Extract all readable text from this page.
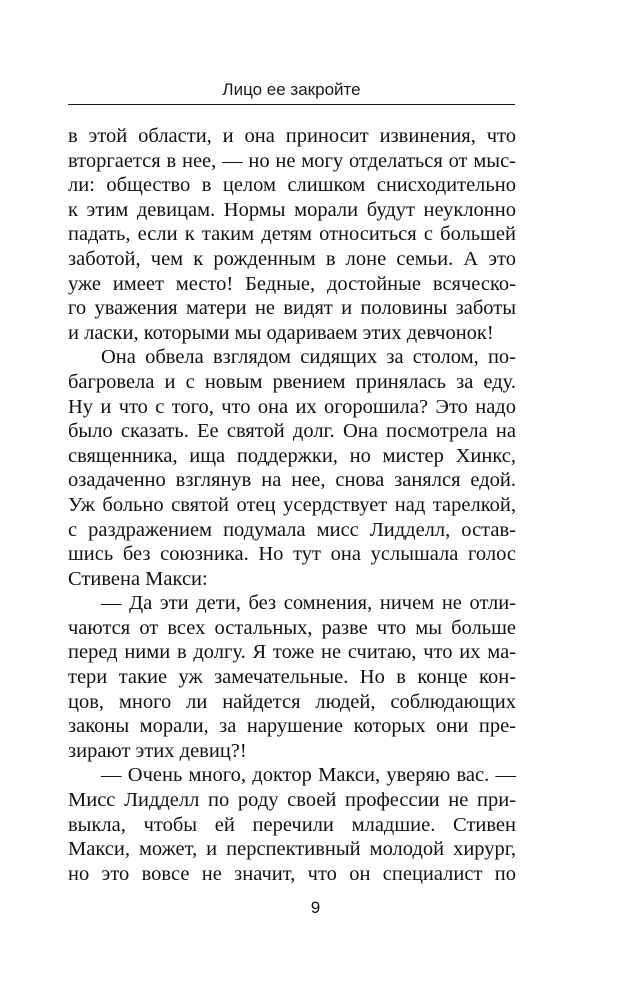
Лицо ее закройте
в этой области, и она приносит извинения, что
вторгается в нее, — но не могу отделаться от мыс-
ли: общество в целом слишком снисходительно
к этим девицам. Нормы морали будут неуклонно
падать, если к таким детям относиться с большей
заботой, чем к рожденным в лоне семьи. А это
уже имеет место! Бедные, достойные всяческо-
го уважения матери не видят и половины заботы
и ласки, которыми мы одариваем этих девчонок!
Она обвела взглядом сидящих за столом, по-
багровела и с новым рвением принялась за еду.
Ну и что с того, что она их огорошила? Это надо
было сказать. Ее святой долг. Она посмотрела на
священника, ища поддержки, но мистер Хинкс,
озадаченно взглянув на нее, снова занялся едой.
Уж больно святой отец усердствует над тарелкой,
с раздражением подумала мисс Лидделл, остав-
шись без союзника. Но тут она услышала голос
Стивена Макси:
— Да эти дети, без сомнения, ничем не отли-
чаются от всех остальных, разве что мы больше
перед ними в долгу. Я тоже не считаю, что их ма-
тери такие уж замечательные. Но в конце кон-
цов, много ли найдется людей, соблюдающих
законы морали, за нарушение которых они пре-
зирают этих девиц?!
— Очень много, доктор Макси, уверяю вас. —
Мисс Лидделл по роду своей профессии не при-
выкла, чтобы ей перечили младшие. Стивен
Макси, может, и перспективный молодой хирург,
но это вовсе не значит, что он специалист по
9
